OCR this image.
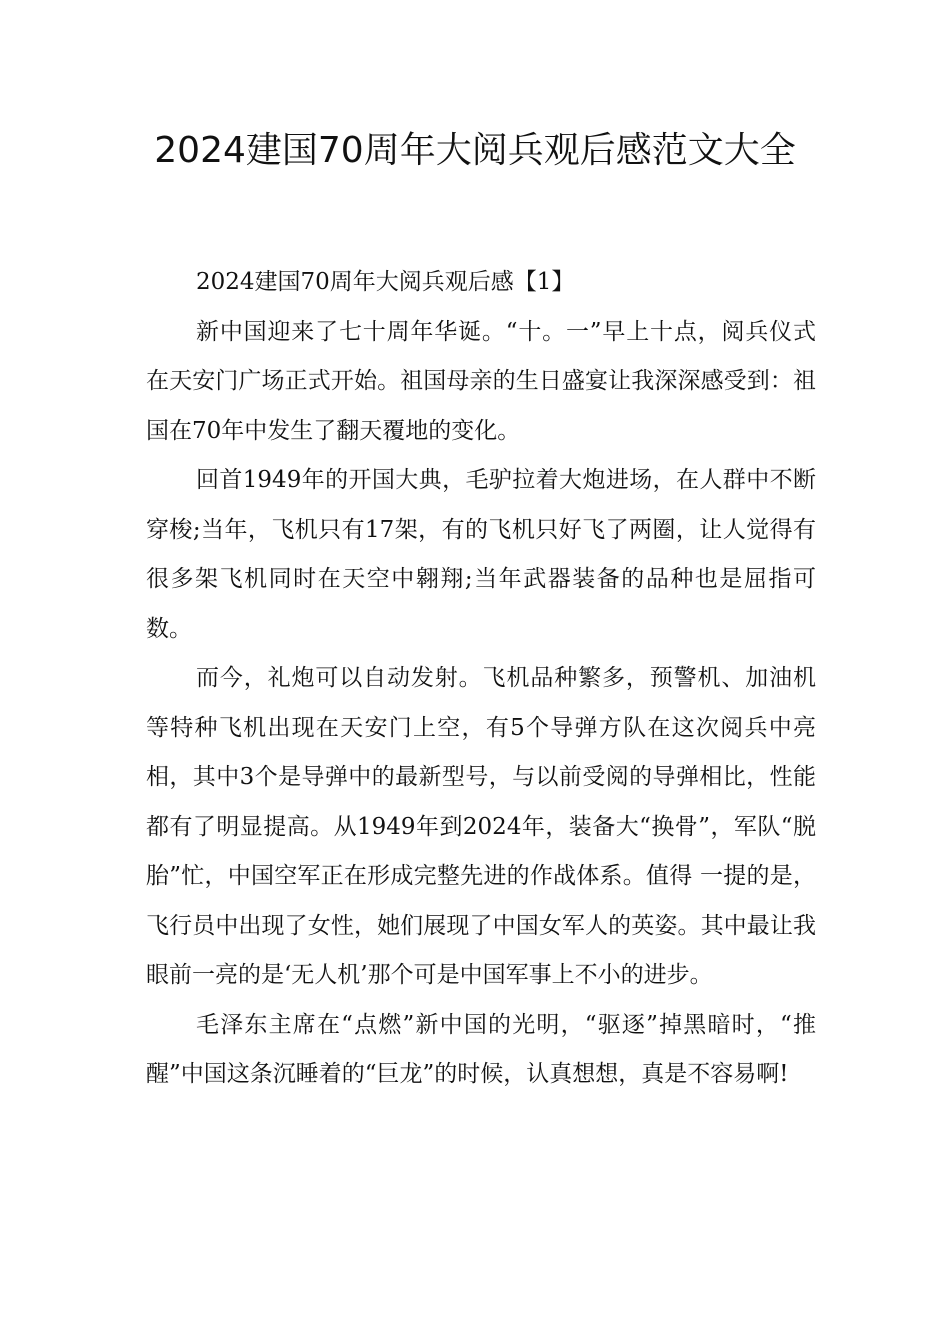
2024建国70周年大阅兵观后感范文大全

2024建国70周年大阅兵观后感【1】

新中国迎来了七十周年华诞。“十。一”早上十点，阅兵仪式在天安门广场正式开始。祖国母亲的生日盛宴让我深深感受到：祖国在70年中发生了翻天覆地的变化。

回首1949年的开国大典，毛驴拉着大炮进场，在人群中不断穿梭;当年，飞机只有17架，有的飞机只好飞了两圈，让人觉得有很多架飞机同时在天空中翱翔;当年武器装备的品种也是屈指可数。

而今，礼炮可以自动发射。飞机品种繁多，预警机、加油机等特种飞机出现在天安门上空，有5个导弹方队在这次阅兵中亮相，其中3个是导弹中的最新型号，与以前受阅的导弹相比，性能都有了明显提高。从1949年到2024年，装备大“换骨”，军队“脱胎”忙，中国空军正在形成完整先进的作战体系。值得 一提的是，飞行员中出现了女性，她们展现了中国女军人的英姿。其中最让我眼前一亮的是‘无人机’那个可是中国军事上不小的进步。

毛泽东主席在“点燃”新中国的光明，“驱逐”掉黑暗时，“推醒”中国这条沉睡着的“巨龙”的时候，认真想想，真是不容易啊!
